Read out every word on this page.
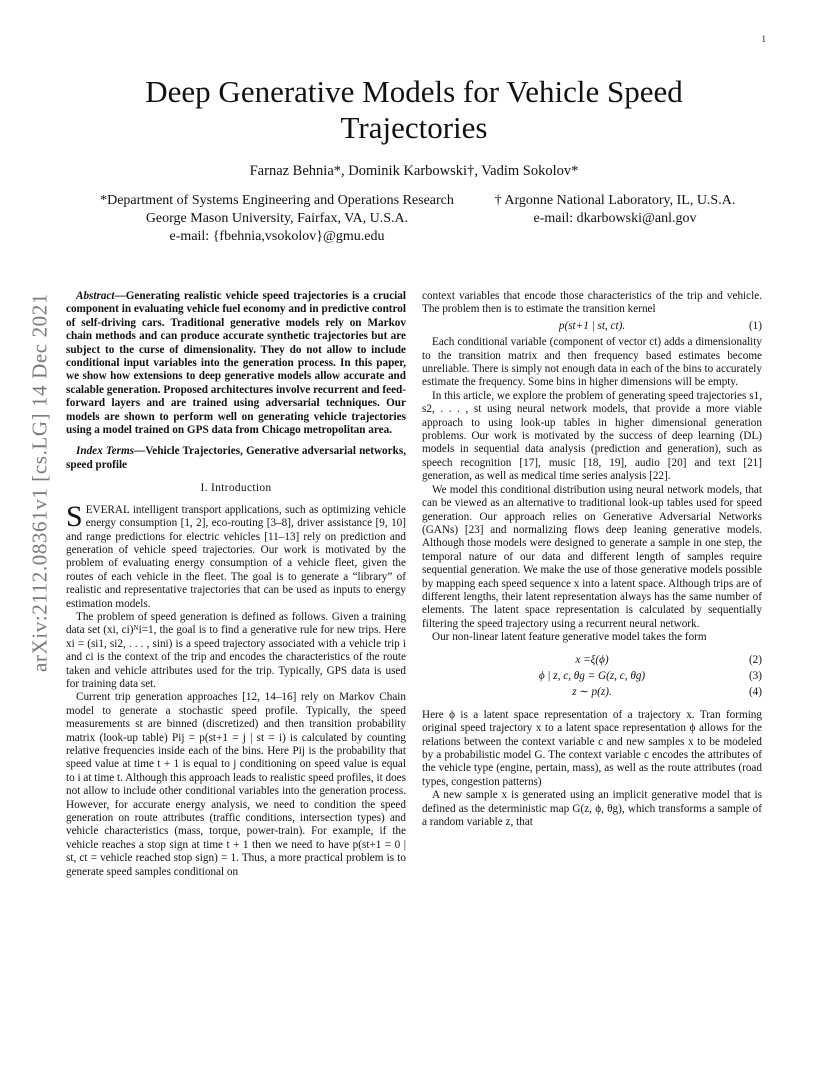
1
arXiv:2112.08361v1 [cs.LG] 14 Dec 2021
Deep Generative Models for Vehicle Speed
Trajectories
Farnaz Behnia*, Dominik Karbowski†, Vadim Sokolov*
*Department of Systems Engineering and Operations Research
George Mason University, Fairfax, VA, U.S.A.
e-mail: {fbehnia,vsokolov}@gmu.edu
† Argonne National Laboratory, IL, U.S.A.
e-mail: dkarbowski@anl.gov

Abstract—Generating realistic vehicle speed trajectories is a crucial component in evaluating vehicle fuel economy and in predictive control of self-driving cars. Traditional generative models rely on Markov chain methods and can produce accurate synthetic trajectories but are subject to the curse of dimensionality. They do not allow to include conditional input variables into the generation process. In this paper, we show how extensions to deep generative models allow accurate and scalable generation. Proposed architectures involve recurrent and feed-forward layers and are trained using adversarial techniques. Our models are shown to perform well on generating vehicle trajectories using a model trained on GPS data from Chicago metropolitan area.

Index Terms—Vehicle Trajectories, Generative adversarial networks, speed profile

I. Introduction

SEVERAL intelligent transport applications, such as optimizing vehicle energy consumption [1, 2], eco-routing [3–8], driver assistance [9, 10] and range predictions for electric vehicles [11–13] rely on prediction and generation of vehicle speed trajectories. Our work is motivated by the problem of evaluating energy consumption of a vehicle fleet, given the routes of each vehicle in the fleet. The goal is to generate a “library” of realistic and representative trajectories that can be used as inputs to energy estimation models.

The problem of speed generation is defined as follows. Given a training data set (xi, ci)ᴺi=1, the goal is to find a generative rule for new trips. Here xi = (si1, si2, . . . , sini) is a speed trajectory associated with a vehicle trip i and ci is the context of the trip and encodes the characteristics of the route taken and vehicle attributes used for the trip. Typically, GPS data is used for training data set.

Current trip generation approaches [12, 14–16] rely on Markov Chain model to generate a stochastic speed profile. Typically, the speed measurements st are binned (discretized) and then transition probability matrix (look-up table) Pij = p(st+1 = j | st = i) is calculated by counting relative frequencies inside each of the bins. Here Pij is the probability that speed value at time t + 1 is equal to j conditioning on speed value is equal to i at time t. Although this approach leads to realistic speed profiles, it does not allow to include other conditional variables into the generation process. However, for accurate energy analysis, we need to condition the speed generation on route attributes (traffic conditions, intersection types) and vehicle characteristics (mass, torque, power-train). For example, if the vehicle reaches a stop sign at time t + 1 then we need to have p(st+1 = 0 | st, ct = vehicle reached stop sign) = 1. Thus, a more practical problem is to generate speed samples conditional on

context variables that encode those characteristics of the trip and vehicle. The problem then is to estimate the transition kernel

p(st+1 | st, ct).	(1)

Each conditional variable (component of vector ct) adds a dimensionality to the transition matrix and then frequency based estimates become unreliable. There is simply not enough data in each of the bins to accurately estimate the frequency. Some bins in higher dimensions will be empty.

In this article, we explore the problem of generating speed trajectories s1, s2, . . . , st using neural network models, that provide a more viable approach to using look-up tables in higher dimensional generation problems. Our work is motivated by the success of deep learning (DL) models in sequential data analysis (prediction and generation), such as speech recognition [17], music [18, 19], audio [20] and text [21] generation, as well as medical time series analysis [22].

We model this conditional distribution using neural network models, that can be viewed as an alternative to traditional look-up tables used for speed generation. Our approach relies on Generative Adversarial Networks (GANs) [23] and normalizing flows deep leaning generative models. Although those models were designed to generate a sample in one step, the temporal nature of our data and different length of samples require sequential generation. We make the use of those generative models possible by mapping each speed sequence x into a latent space. Although trips are of different lengths, their latent representation always has the same number of elements. The latent space representation is calculated by sequentially filtering the speed trajectory using a recurrent neural network.

Our non-linear latent feature generative model takes the form

x =ξ(ϕ)	(2)
ϕ | z, c, θg = G(z, c, θg)	(3)
z ∼ p(z).	(4)

Here ϕ is a latent space representation of a trajectory x. Tran forming original speed trajectory x to a latent space representation ϕ allows for the relations between the context variable c and new samples x to be modeled by a probabilistic model G. The context variable c encodes the attributes of the vehicle type (engine, pertain, mass), as well as the route attributes (road types, congestion patterns)

A new sample x is generated using an implicit generative model that is defined as the deterministic map G(z, ϕ, θg), which transforms a sample of a random variable z, that
